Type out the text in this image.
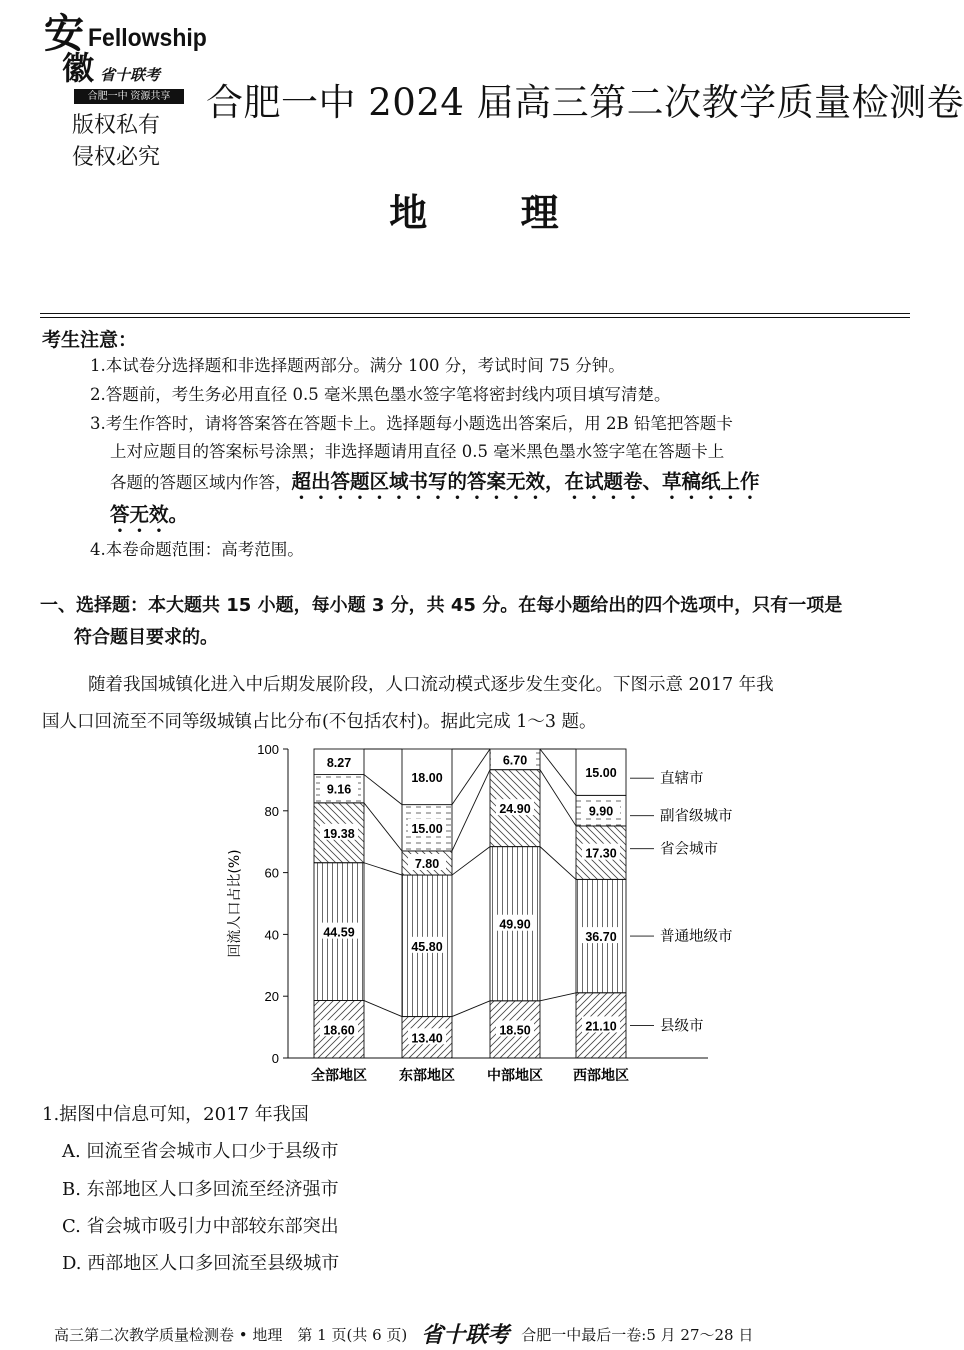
安
徽
Fellowship
省十联考
合肥一中 资源共享
版权私有
侵权必究
合肥一中 2024 届高三第二次教学质量检测卷
地      理
考生注意：
1.本试卷分选择题和非选择题两部分。满分 100 分，考试时间 75 分钟。
2.答题前，考生务必用直径 0.5 毫米黑色墨水签字笔将密封线内项目填写清楚。
3.考生作答时，请将答案答在答题卡上。选择题每小题选出答案后，用 2B 铅笔把答题卡
上对应题目的答案标号涂黑；非选择题请用直径 0.5 毫米黑色墨水签字笔在答题卡上
各题的答题区域内作答，超出答题区域书写的答案无效，在试题卷、草稿纸上作
答无效。
4.本卷命题范围：高考范围。
一、选择题：本大题共 15 小题，每小题 3 分，共 45 分。在每小题给出的四个选项中，只有一项是
符合题目要求的。
随着我国城镇化进入中后期发展阶段，人口流动模式逐步发生变化。下图示意 2017 年我
国人口回流至不同等级城镇占比分布(不包括农村)。据此完成 1～3 题。
0
20
40
60
80
100
回流人口占比(%)
18.60
44.59
19.38
9.16
8.27
13.40
45.80
7.80
15.00
18.00
18.50
49.90
24.90
6.70
21.10
36.70
17.30
9.90
15.00
全部地区 东部地区 中部地区 西部地区
县级市
普通地级市
省会城市
副省级城市
直辖市
1.据图中信息可知，2017 年我国
A. 回流至省会城市人口少于县级市
B. 东部地区人口多回流至经济强市
C. 省会城市吸引力中部较东部突出
D. 西部地区人口多回流至县级城市
高三第二次教学质量检测卷 • 地理　第 1 页(共 6 页) 省十联考 合肥一中最后一卷:5 月 27～28 日
